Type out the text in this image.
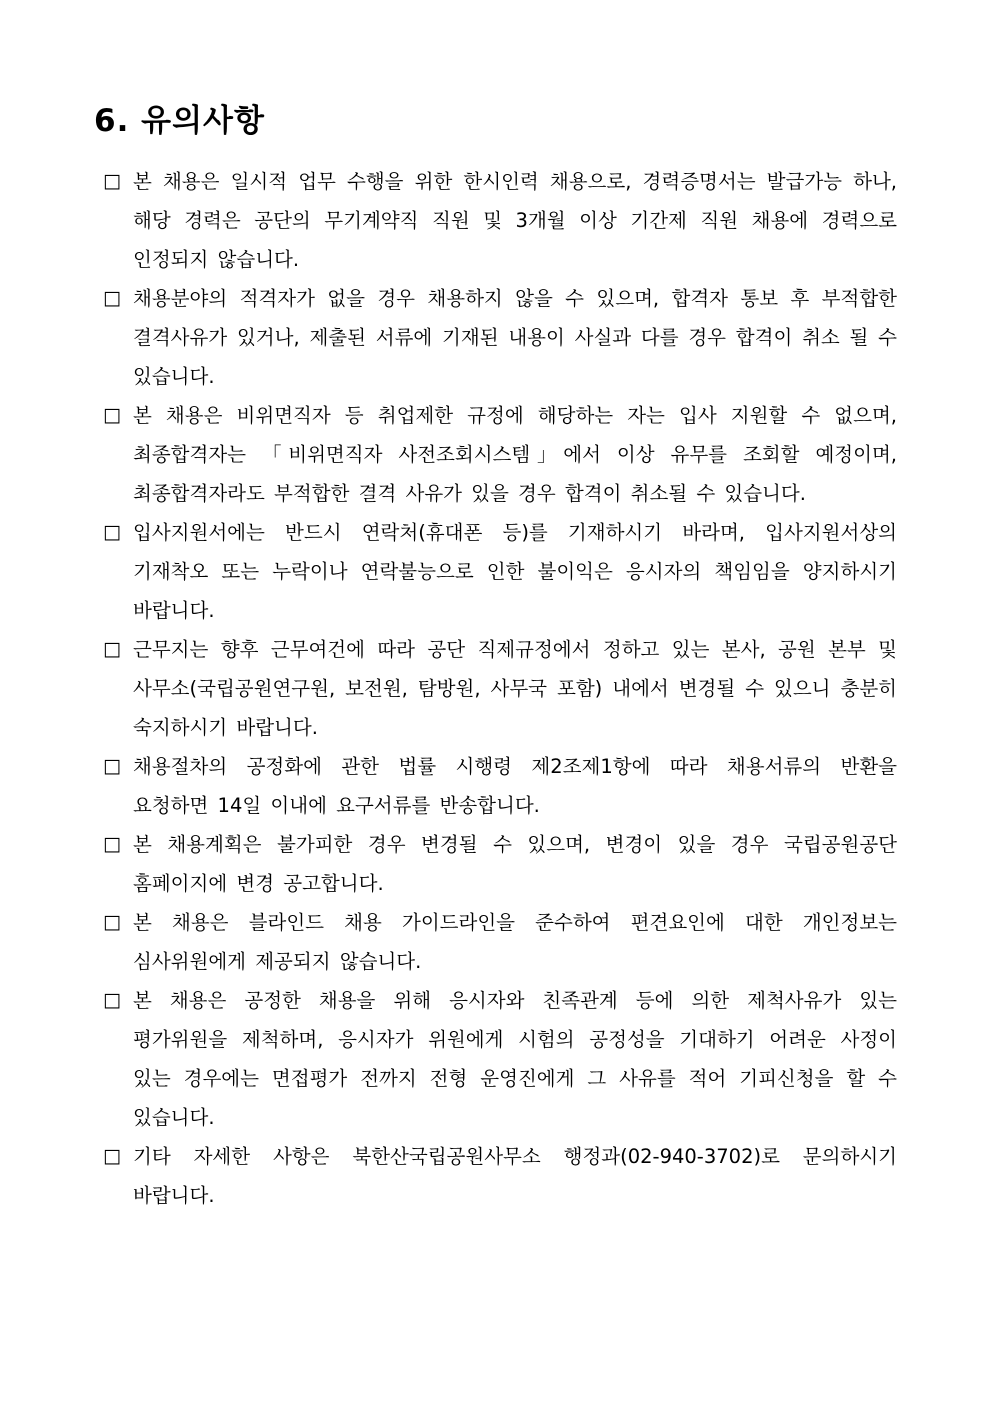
6. 유의사항
□ 본 채용은 일시적 업무 수행을 위한 한시인력 채용으로, 경력증명서는 발급가능 하나, 해당 경력은 공단의 무기계약직 직원 및 3개월 이상 기간제 직원 채용에 경력으로 인정되지 않습니다.
□ 채용분야의 적격자가 없을 경우 채용하지 않을 수 있으며, 합격자 통보 후 부적합한 결격사유가 있거나, 제출된 서류에 기재된 내용이 사실과 다를 경우 합격이 취소 될 수 있습니다.
□ 본 채용은 비위면직자 등 취업제한 규정에 해당하는 자는 입사 지원할 수 없으며, 최종합격자는 「비위면직자 사전조회시스템」에서 이상 유무를 조회할 예정이며, 최종합격자라도 부적합한 결격 사유가 있을 경우 합격이 취소될 수 있습니다.
□ 입사지원서에는 반드시 연락처(휴대폰 등)를 기재하시기 바라며, 입사지원서상의 기재착오 또는 누락이나 연락불능으로 인한 불이익은 응시자의 책임임을 양지하시기 바랍니다.
□ 근무지는 향후 근무여건에 따라 공단 직제규정에서 정하고 있는 본사, 공원 본부 및 사무소(국립공원연구원, 보전원, 탐방원, 사무국 포함) 내에서 변경될 수 있으니 충분히 숙지하시기 바랍니다.
□ 채용절차의 공정화에 관한 법률 시행령 제2조제1항에 따라 채용서류의 반환을 요청하면 14일 이내에 요구서류를 반송합니다.
□ 본 채용계획은 불가피한 경우 변경될 수 있으며, 변경이 있을 경우 국립공원공단 홈페이지에 변경 공고합니다.
□ 본 채용은 블라인드 채용 가이드라인을 준수하여 편견요인에 대한 개인정보는 심사위원에게 제공되지 않습니다.
□ 본 채용은 공정한 채용을 위해 응시자와 친족관계 등에 의한 제척사유가 있는 평가위원을 제척하며, 응시자가 위원에게 시험의 공정성을 기대하기 어려운 사정이 있는 경우에는 면접평가 전까지 전형 운영진에게 그 사유를 적어 기피신청을 할 수 있습니다.
□ 기타 자세한 사항은 북한산국립공원사무소 행정과(02-940-3702)로 문의하시기 바랍니다.
